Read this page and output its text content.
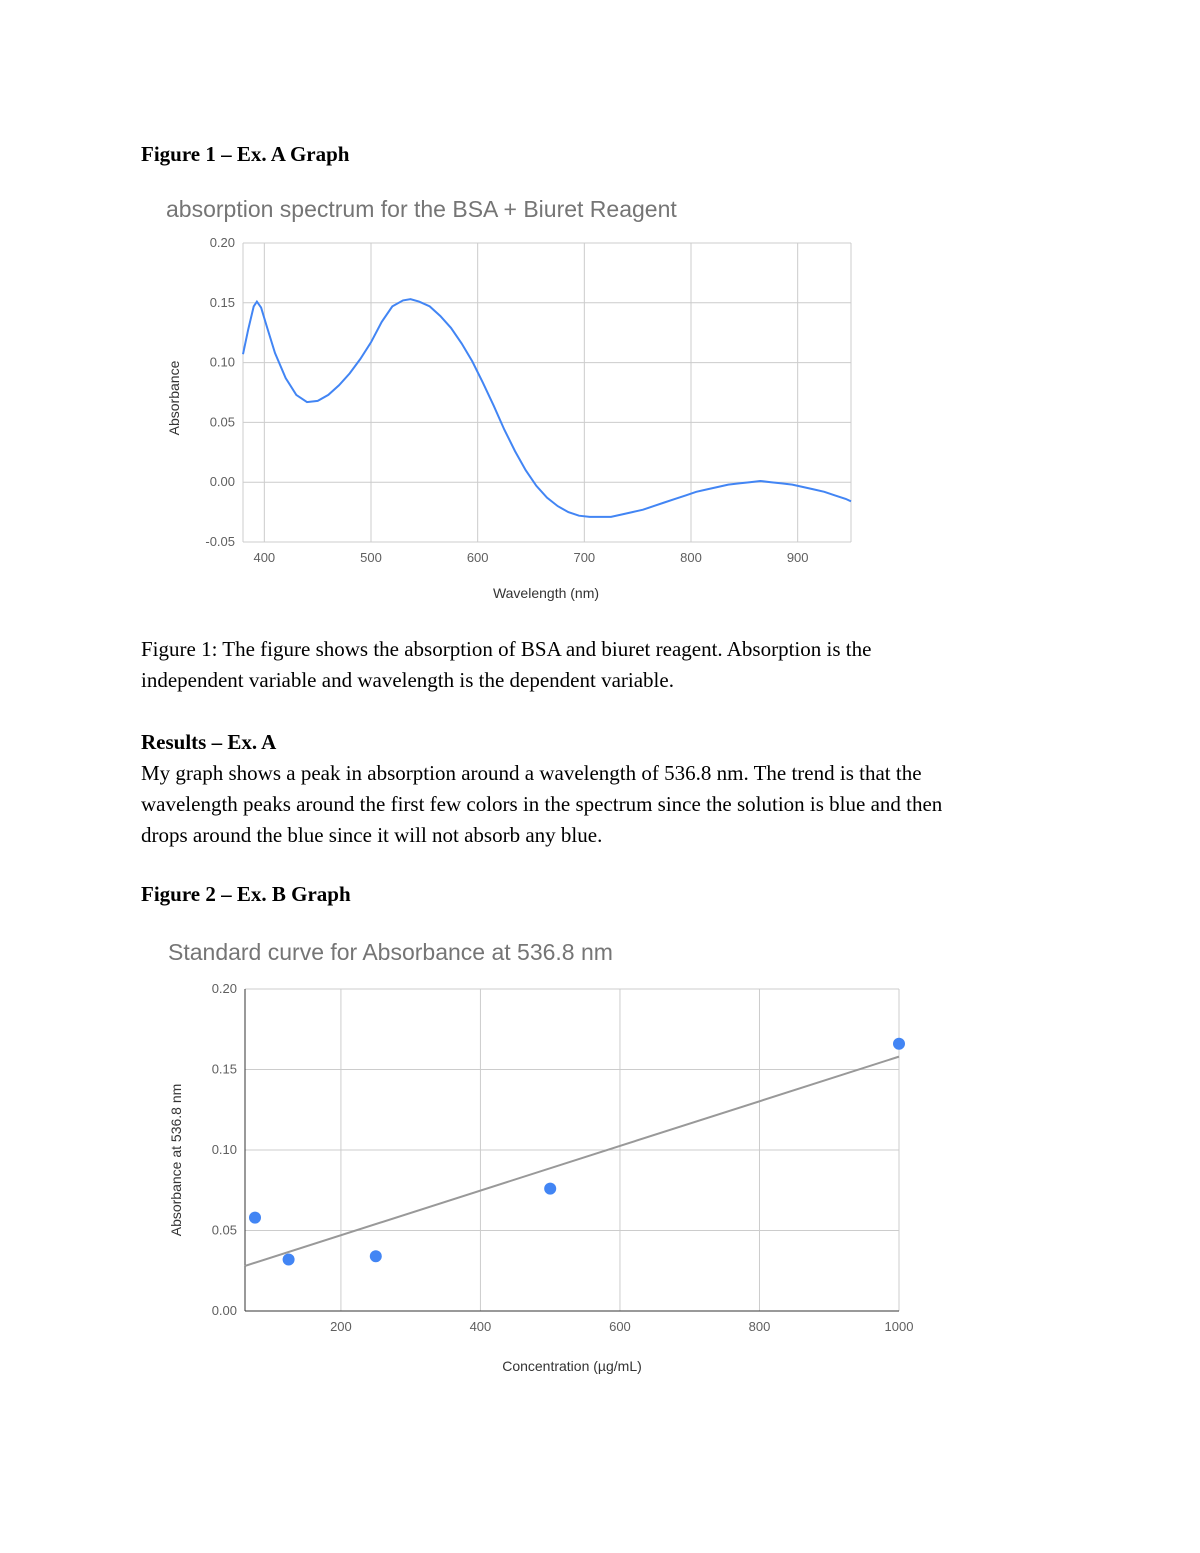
Figure 1 – Ex. A Graph

absorption spectrum for the BSA + Biuret Reagent
-0.05
0.00
0.05
0.10
0.15
0.20
400	500	600	700	800	900
Wavelength (nm)
Absorbance

Figure 1: The figure shows the absorption of BSA and biuret reagent. Absorption is the
independent variable and wavelength is the dependent variable.

Results – Ex. A
My graph shows a peak in absorption around a wavelength of 536.8 nm. The trend is that the
wavelength peaks around the first few colors in the spectrum since the solution is blue and then
drops around the blue since it will not absorb any blue.

Figure 2 – Ex. B Graph

Standard curve for Absorbance at 536.8 nm
0.00
0.05
0.10
0.15
0.20
200	400	600	800	1000
Concentration (µg/mL)
Absorbance at 536.8 nm
